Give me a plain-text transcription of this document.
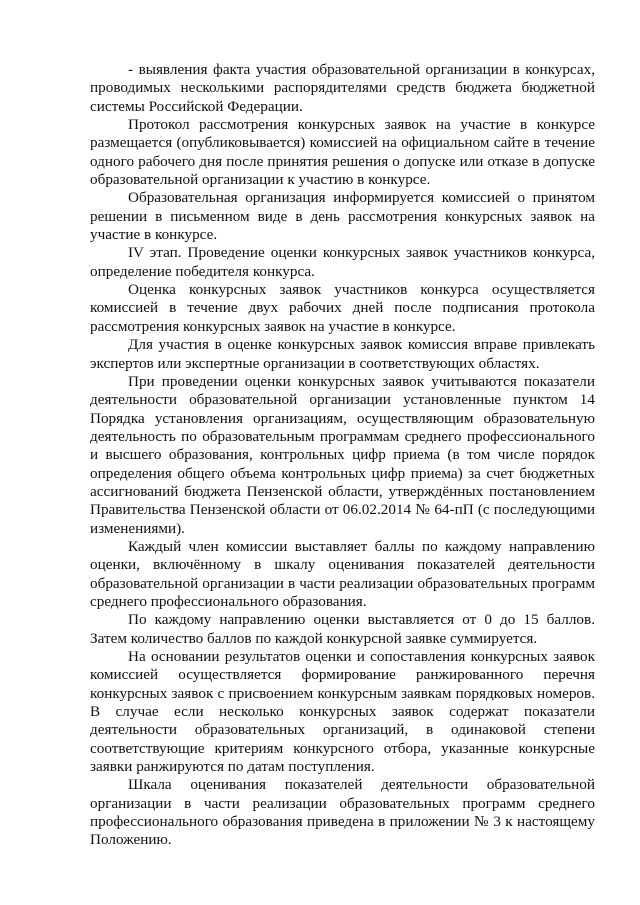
- выявления факта участия образовательной организации в конкурсах, проводимых несколькими распорядителями средств бюджета бюджетной системы Российской Федерации.

Протокол рассмотрения конкурсных заявок на участие в конкурсе размещается (опубликовывается) комиссией на официальном сайте в течение одного рабочего дня после принятия решения о допуске или отказе в допуске образовательной организации к участию в конкурсе.

Образовательная организация информируется комиссией о принятом решении в письменном виде в день рассмотрения конкурсных заявок на участие в конкурсе.

IV этап. Проведение оценки конкурсных заявок участников конкурса, определение победителя конкурса.

Оценка конкурсных заявок участников конкурса осуществляется комиссией в течение двух рабочих дней после подписания протокола рассмотрения конкурсных заявок на участие в конкурсе.

Для участия в оценке конкурсных заявок комиссия вправе привлекать экспертов или экспертные организации в соответствующих областях.

При проведении оценки конкурсных заявок учитываются показатели деятельности образовательной организации установленные пунктом 14 Порядка установления организациям, осуществляющим образовательную деятельность по образовательным программам среднего профессионального и высшего образования, контрольных цифр приема (в том числе порядок определения общего объема контрольных цифр приема) за счет бюджетных ассигнований бюджета Пензенской области, утверждённых постановлением Правительства Пензенской области от 06.02.2014 № 64-пП (с последующими изменениями).

Каждый член комиссии выставляет баллы по каждому направлению оценки, включённому в шкалу оценивания показателей деятельности образовательной организации в части реализации образовательных программ среднего профессионального образования.

По каждому направлению оценки выставляется от 0 до 15 баллов. Затем количество баллов по каждой конкурсной заявке суммируется.

На основании результатов оценки и сопоставления конкурсных заявок комиссией осуществляется формирование ранжированного перечня конкурсных заявок с присвоением конкурсным заявкам порядковых номеров. В случае если несколько конкурсных заявок содержат показатели деятельности образовательных организаций, в одинаковой степени соответствующие критериям конкурсного отбора, указанные конкурсные заявки ранжируются по датам поступления.

Шкала оценивания показателей деятельности образовательной организации в части реализации образовательных программ среднего профессионального образования приведена в приложении № 3 к настоящему Положению.
